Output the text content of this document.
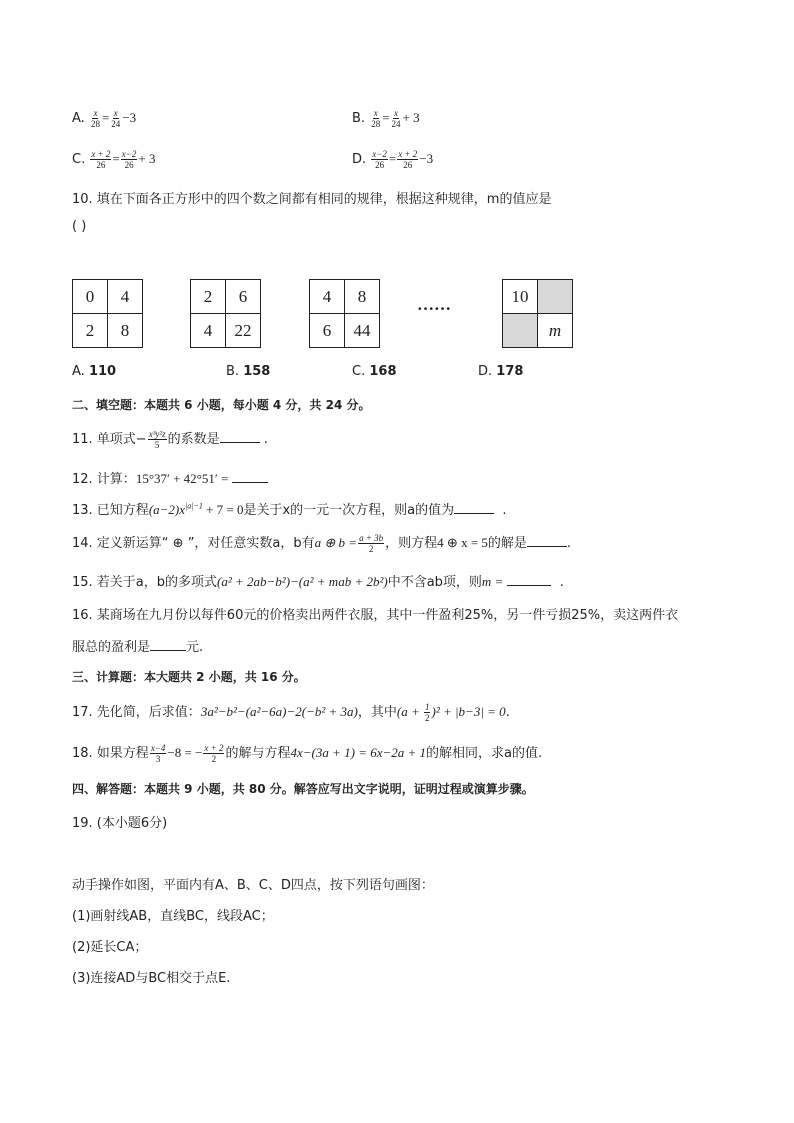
A. $\frac{x}{28} = \frac{x}{24} -3$	B. $\frac{x}{28} = \frac{x}{24} + 3$
C. $\frac{x + 2}{26} = \frac{x-2}{26} + 3$	D. $\frac{x-2}{26} = \frac{x + 2}{26} -3$
10. 填在下面各正方形中的四个数之间都有相同的规律，根据这种规律，m的值应是
( )
0	4
2	8
2	6
4	22
4	8
6	44
……	10	
	m
A. 110	B. 158	C. 168	D. 178
二、填空题：本题共 6 小题，每小题 4 分，共 24 分。
11. 单项式− $\frac{\text{x³y²z}}{5}$ 的系数是	.
12. 计算：15°37′ + 42°51′ =
13. 已知方程$(a-2)x^{|a|-1} + 7 = 0$是关于x的一元一次方程，则a的值为	.
14. 定义新运算“ ⊕ ”，对任意实数a，b有a ⊕ $b = \frac{a + 3b}{2}$ ，则方程4 ⊕ x = 5的解是	.
15. 若关于a，b的多项式(a² + 2ab−b²)−(a² + mab + 2b²)中不含ab项，则m =	.
16. 某商场在九月份以每件60元的价格卖出两件衣服，其中一件盈利25%，另一件亏损25%，卖这两件衣
服总的盈利是	元.
三、计算题：本大题共 2 小题，共 16 分。
17. 先化简，后求值：3a²−b²−(a²−6a)−2(−b² + 3a)，其中$(a + \frac{1}{2} )^2 + |b-3| = 0$.
18. 如果方程 $\frac{x-4}{3} -8$ = − $\frac{x + 2}{2}$ 的解与方程4x−(3a + 1) = 6x−2a + 1的解相同，求a的值.
四、解答题：本题共 9 小题，共 80 分。解答应写出文字说明，证明过程或演算步骤。
19. (本小题6分)
动手操作如图，平面内有A、B、C、D四点，按下列语句画图：
(1)画射线AB，直线BC，线段AC；
(2)延长CA；
(3)连接AD与BC相交于点E.
